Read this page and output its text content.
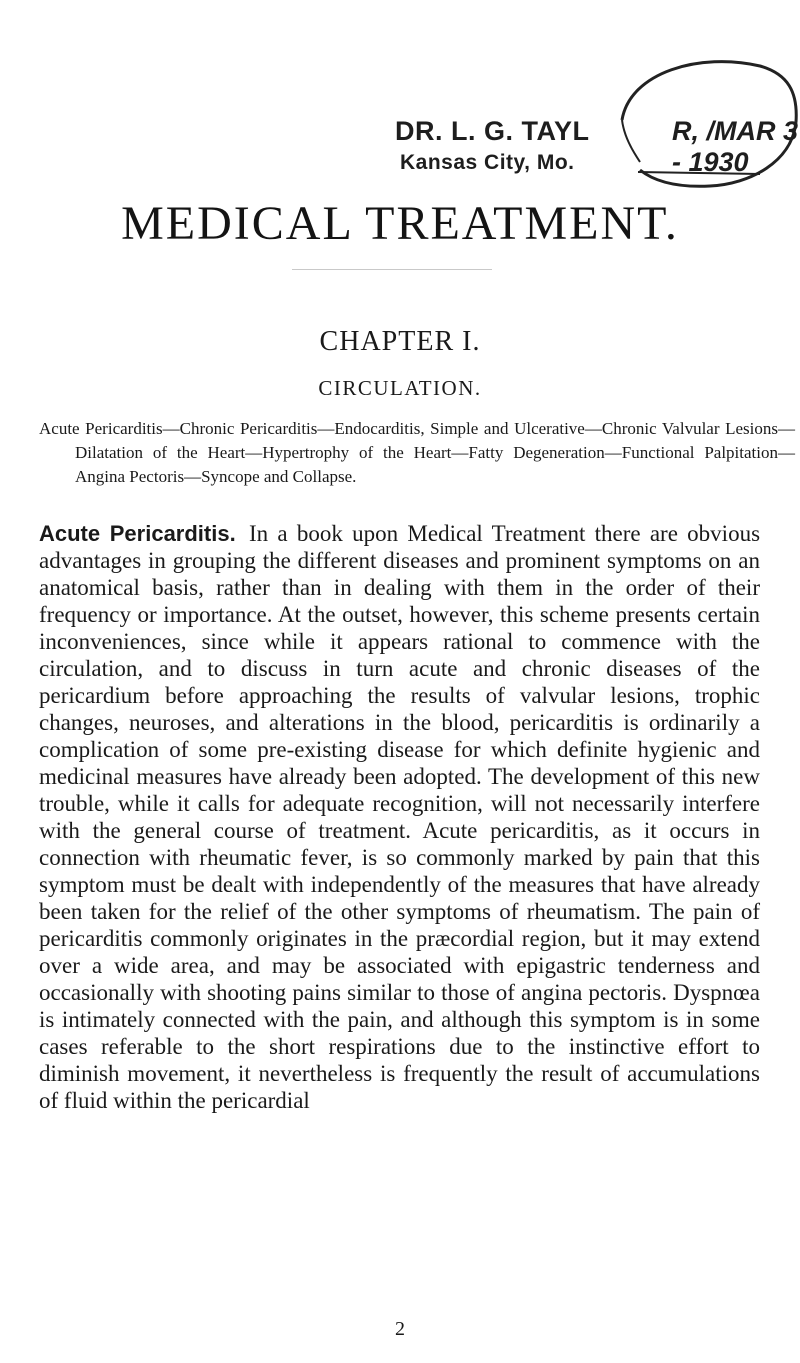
DR. L. G. TAYL
Kansas City, Mo.
R, /MAR 3 - 1930
MEDICAL TREATMENT.
CHAPTER I.
CIRCULATION.
Acute Pericarditis—Chronic Pericarditis—Endocarditis, Simple and Ulcerative—Chronic Valvular Lesions—Dilatation of the Heart—Hypertrophy of the Heart—Fatty Degeneration—Functional Palpitation—Angina Pectoris—Syncope and Collapse.
Acute Pericarditis. In a book upon Medical Treatment there are obvious advantages in grouping the different diseases and prominent symptoms on an anatomical basis, rather than in dealing with them in the order of their frequency or importance. At the outset, however, this scheme presents certain inconveniences, since while it appears rational to commence with the circulation, and to discuss in turn acute and chronic diseases of the pericardium before approaching the results of valvular lesions, trophic changes, neuroses, and alterations in the blood, pericarditis is ordinarily a complication of some pre-existing disease for which definite hygienic and medicinal measures have already been adopted. The development of this new trouble, while it calls for adequate recognition, will not necessarily interfere with the general course of treatment. Acute pericarditis, as it occurs in connection with rheumatic fever, is so commonly marked by pain that this symptom must be dealt with independently of the measures that have already been taken for the relief of the other symptoms of rheumatism. The pain of pericarditis commonly originates in the præcordial region, but it may extend over a wide area, and may be associated with epigastric tenderness and occasionally with shooting pains similar to those of angina pectoris. Dyspnœa is intimately connected with the pain, and although this symptom is in some cases referable to the short respirations due to the instinctive effort to diminish movement, it nevertheless is frequently the result of accumulations of fluid within the pericardial
2
